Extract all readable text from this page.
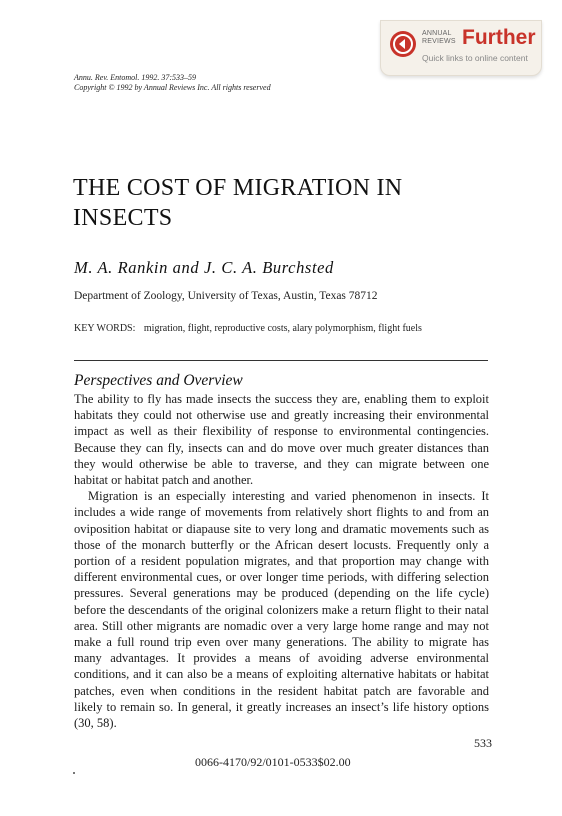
ANNUAL REVIEWS Further
Quick links to online content
Annu. Rev. Entomol. 1992. 37:533–59
Copyright © 1992 by Annual Reviews Inc. All rights reserved
THE COST OF MIGRATION IN INSECTS
M. A. Rankin and J. C. A. Burchsted
Department of Zoology, University of Texas, Austin, Texas 78712
KEY WORDS: migration, flight, reproductive costs, alary polymorphism, flight fuels
Perspectives and Overview

The ability to fly has made insects the success they are, enabling them to exploit habitats they could not otherwise use and greatly increasing their environmental impact as well as their flexibility of response to environmental contingencies. Because they can fly, insects can and do move over much greater distances than they would otherwise be able to traverse, and they can migrate between one habitat or habitat patch and another.

Migration is an especially interesting and varied phenomenon in insects. It includes a wide range of movements from relatively short flights to and from an oviposition habitat or diapause site to very long and dramatic movements such as those of the monarch butterfly or the African desert locusts. Frequently only a portion of a resident population migrates, and that proportion may change with different environmental cues, or over longer time periods, with differing selection pressures. Several generations may be produced (depending on the life cycle) before the descendants of the original colonizers make a return flight to their natal area. Still other migrants are nomadic over a very large home range and may not make a full round trip even over many generations. The ability to migrate has many advantages. It provides a means of avoiding adverse environmental conditions, and it can also be a means of exploiting alternative habitats or habitat patches, even when conditions in the resident habitat patch are favorable and likely to remain so. In general, it greatly increases an insect’s life history options (30, 58).

533
0066-4170/92/0101-0533$02.00
